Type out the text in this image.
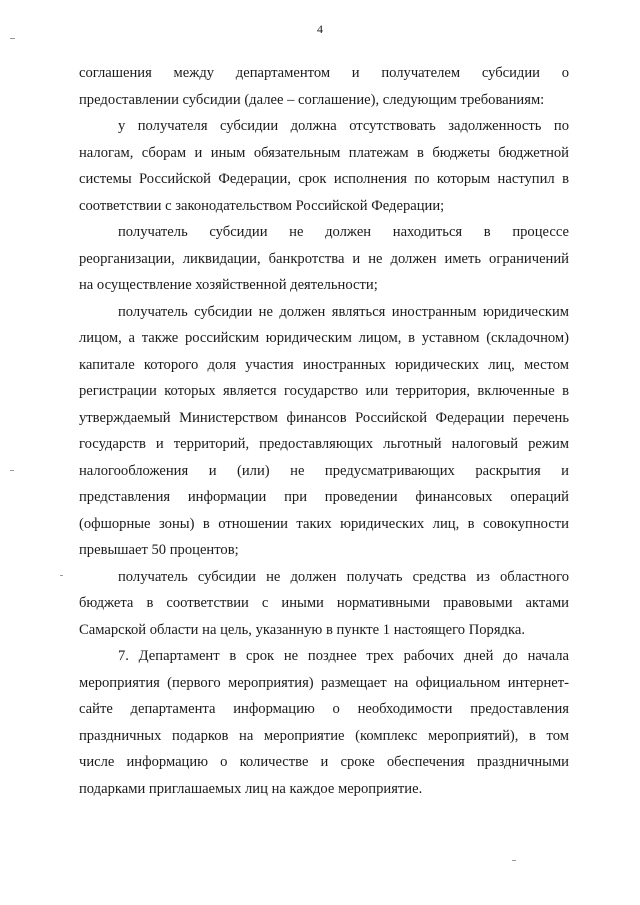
4

соглашения между департаментом и получателем субсидии о
предоставлении субсидии (далее – соглашение), следующим требованиям:

у получателя субсидии должна отсутствовать задолженность по
налогам, сборам и иным обязательным платежам в бюджеты бюджетной
системы Российской Федерации, срок исполнения по которым наступил в
соответствии с законодательством Российской Федерации;

получатель субсидии не должен находиться в процессе
реорганизации, ликвидации, банкротства и не должен иметь ограничений
на осуществление хозяйственной деятельности;

получатель субсидии не должен являться иностранным юридическим
лицом, а также российским юридическим лицом, в уставном (складочном)
капитале которого доля участия иностранных юридических лиц, местом
регистрации которых является государство или территория, включенные в
утверждаемый Министерством финансов Российской Федерации перечень
государств и территорий, предоставляющих льготный налоговый режим
налогообложения и (или) не предусматривающих раскрытия и
представления информации при проведении финансовых операций
(офшорные зоны) в отношении таких юридических лиц, в совокупности
превышает 50 процентов;

получатель субсидии не должен получать средства из областного
бюджета в соответствии с иными нормативными правовыми актами
Самарской области на цель, указанную в пункте 1 настоящего Порядка.

7. Департамент в срок не позднее трех рабочих дней до начала
мероприятия (первого мероприятия) размещает на официальном интернет-
сайте департамента информацию о необходимости предоставления
праздничных подарков на мероприятие (комплекс мероприятий), в том
числе информацию о количестве и сроке обеспечения праздничными
подарками приглашаемых лиц на каждое мероприятие.
